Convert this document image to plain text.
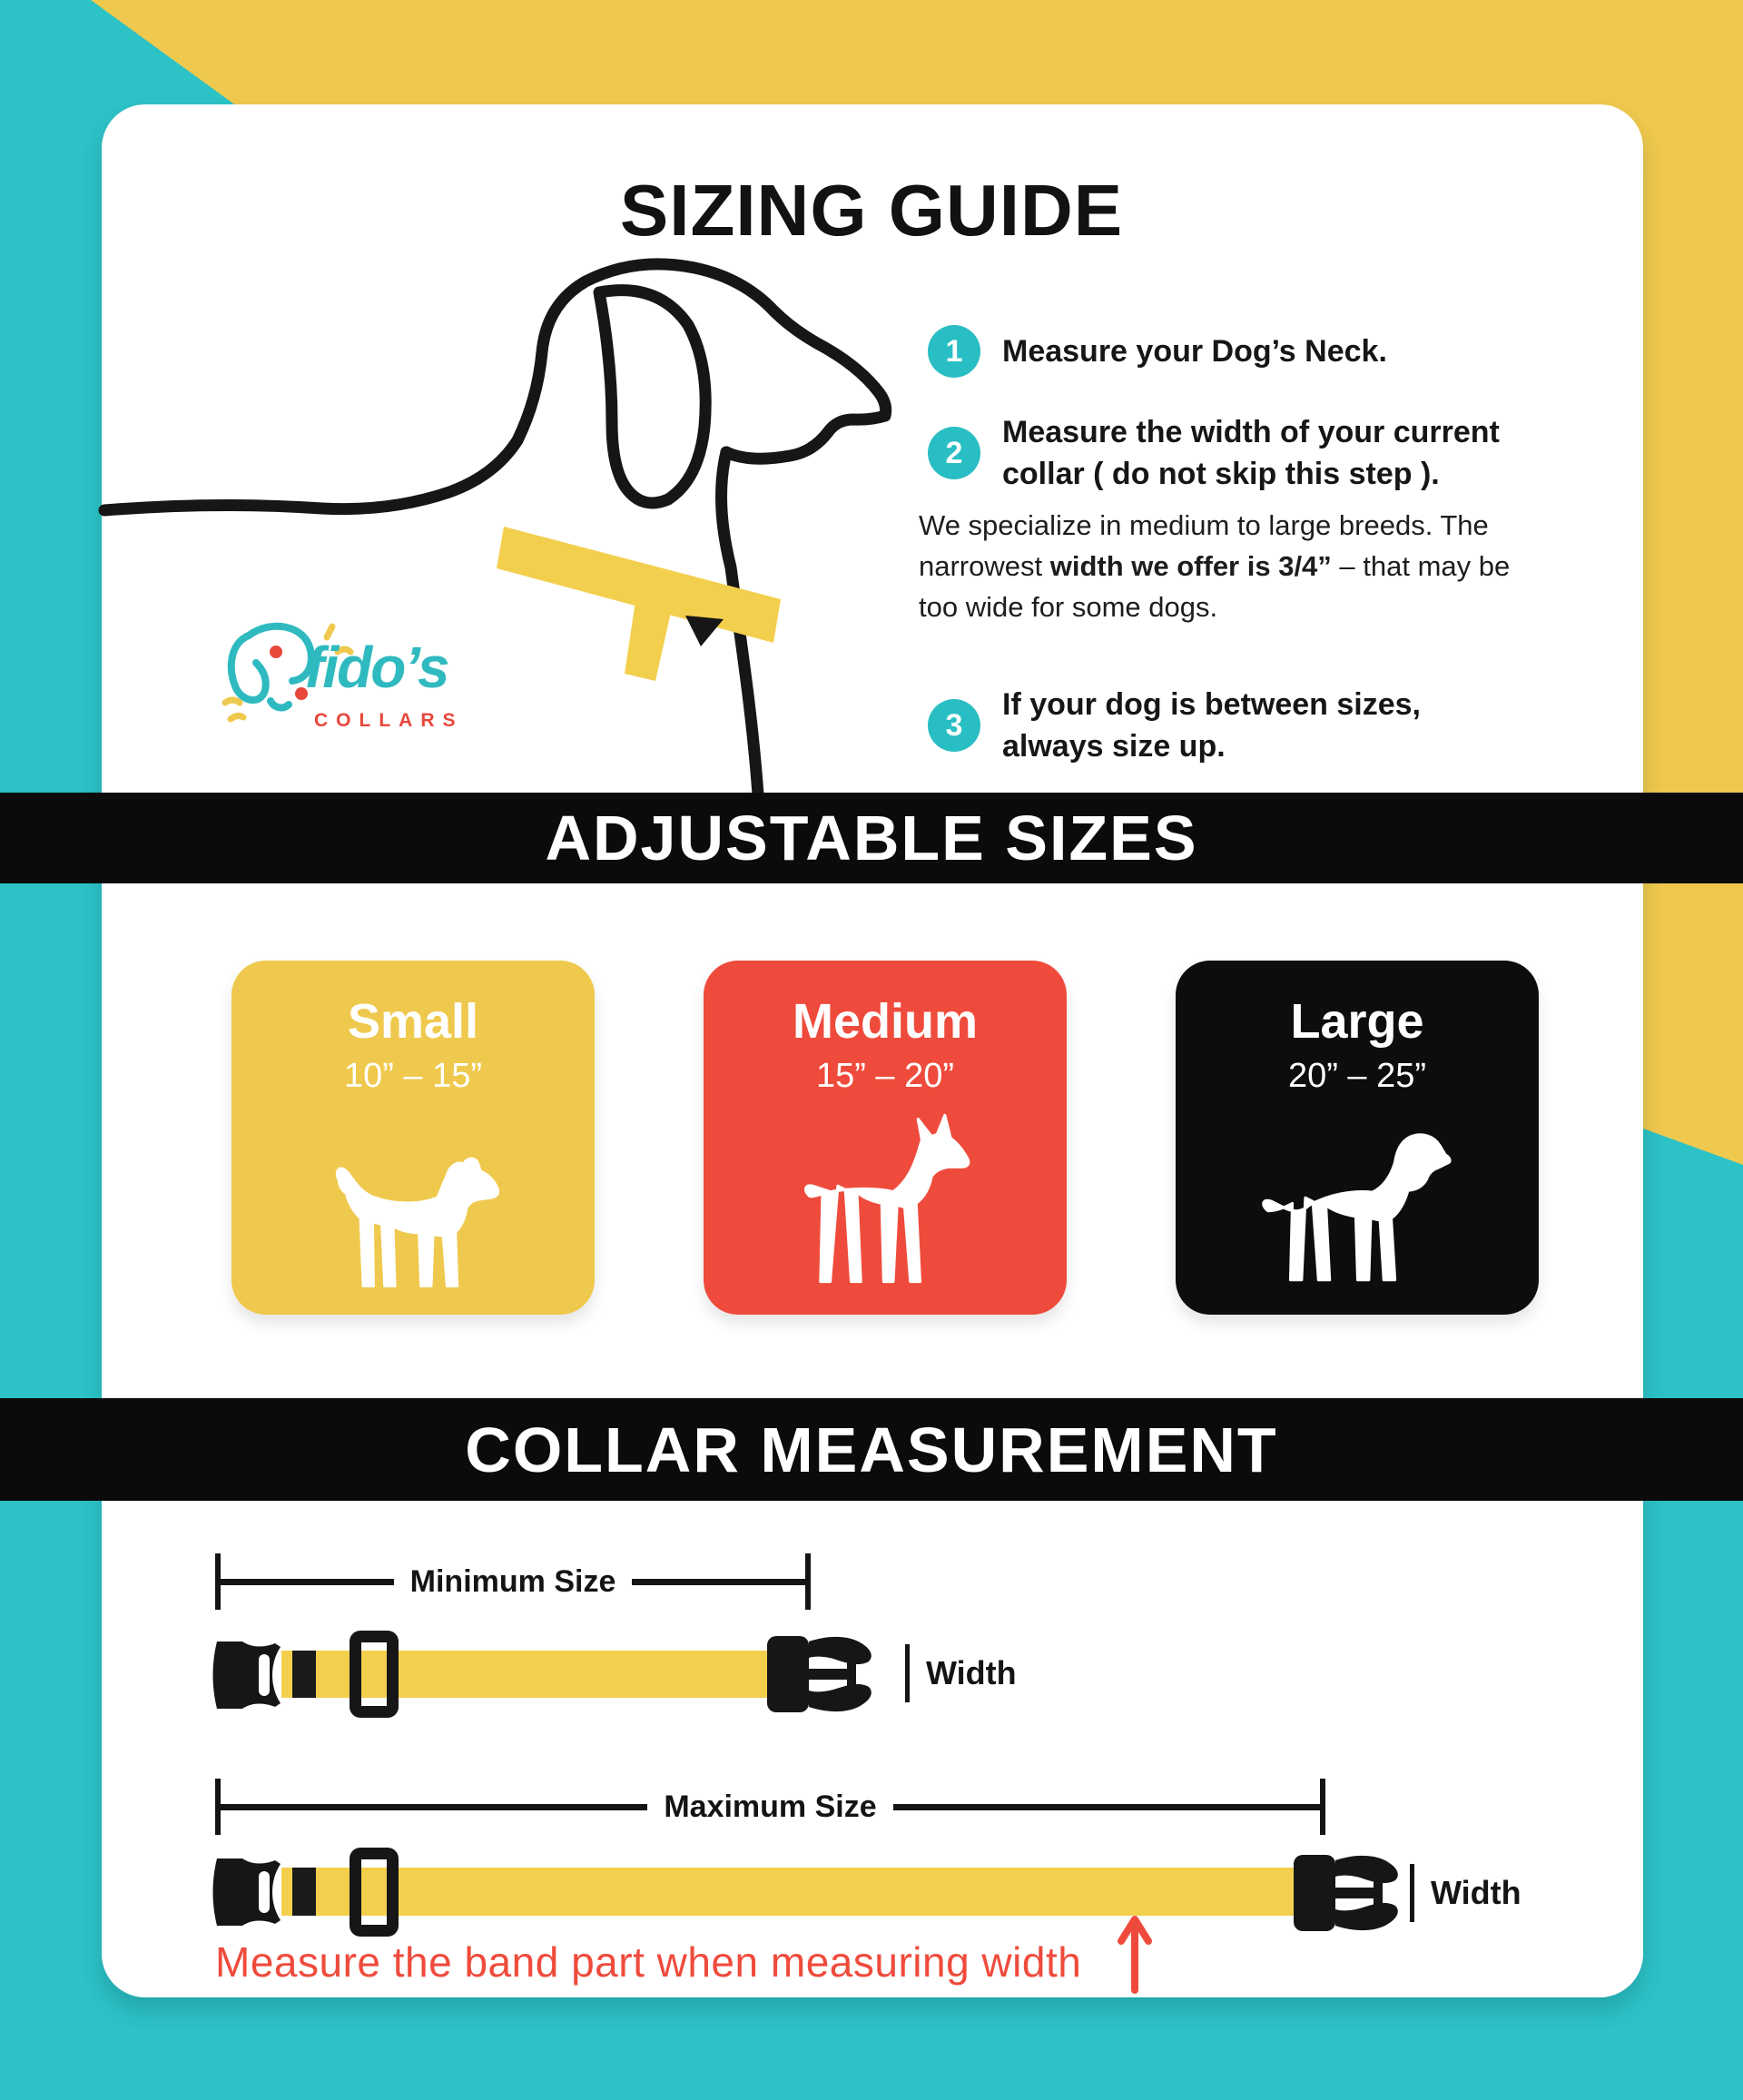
SIZING GUIDE
fido’s
COLLARS
1 Measure your Dog’s Neck.
2
Measure the width of your current
collar ( do not skip this step ).
We specialize in medium to large breeds. The
narrowest width we offer is 3/4” – that may be
too wide for some dogs.
3
If your dog is between sizes,
always size up.
ADJUSTABLE SIZES
Small
10” – 15”
Medium
15” – 20”
Large
20” – 25”
COLLAR MEASUREMENT
Minimum Size
Width
Maximum Size
Width
Measure the band part when measuring width
